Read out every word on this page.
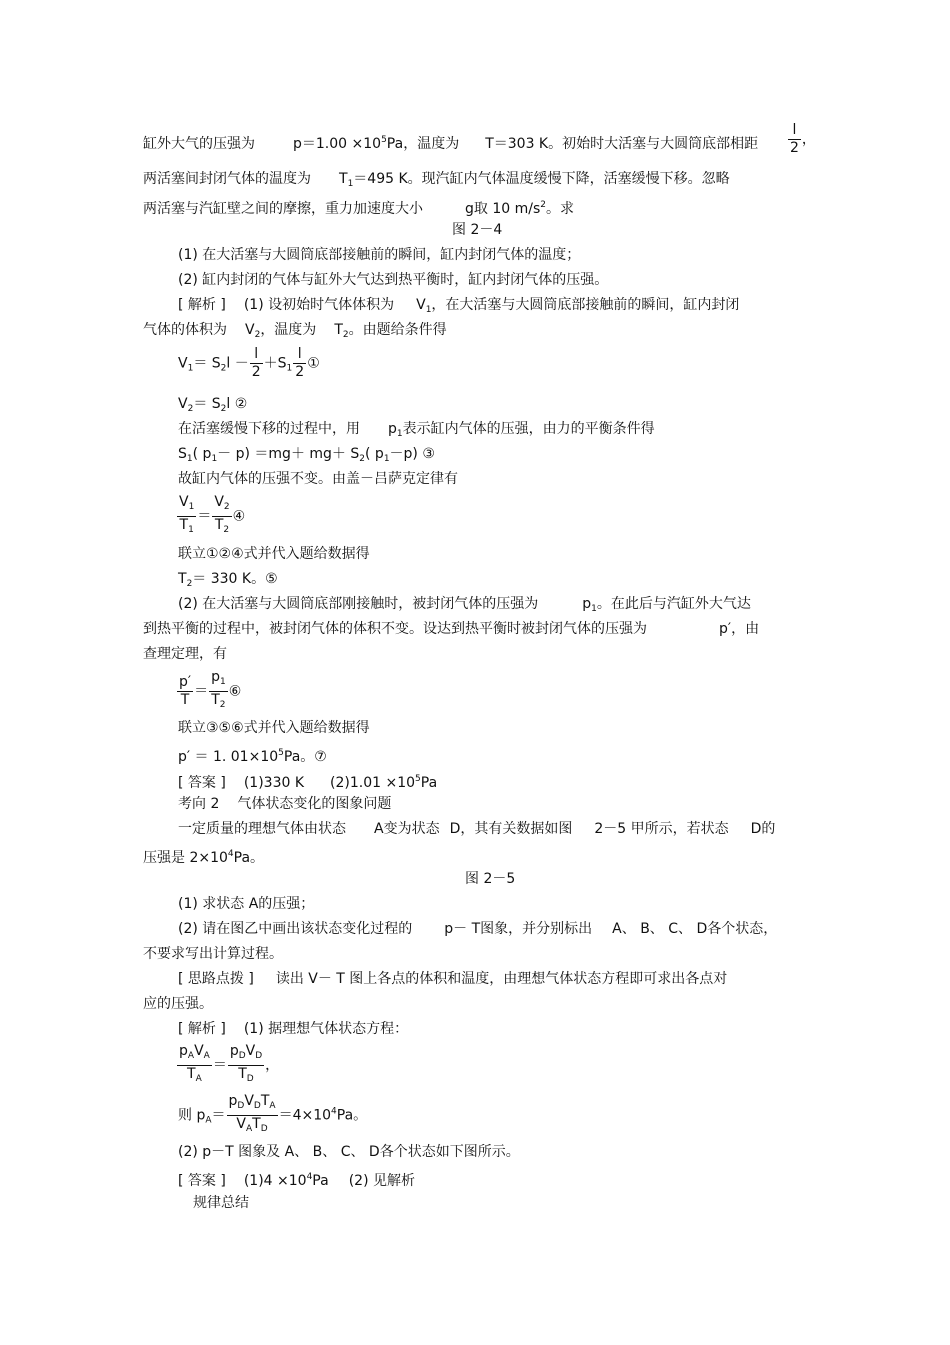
缸外大气的压强为	$p=1.00 \times 10^5Pa$，温度为 T＝303 K。初始时大活塞与大圆筒底部相距 $\frac{l}{2}$ ，
两活塞间封闭气体的温度为 $T_1=495$ K。现汽缸内气体温度缓慢下降，活塞缓慢下移。忽略
两活塞与汽缸壁之间的摩擦，重力加速度大小	g取 10 $m/s^2$。求
图 2－4
(1) 在大活塞与大圆筒底部接触前的瞬间，缸内封闭气体的温度；
(2) 缸内封闭的气体与缸外大气达到热平衡时，缸内封闭气体的压强。
[ 解析 ] (1) 设初始时气体体积为 $V_1$，在大活塞与大圆筒底部接触前的瞬间，缸内封闭
气体的体积为 $V_2$，温度为 $T_2$。由题给条件得
$V_1= S_2l - \frac{l}{2} +S_1 \frac{l}{2}$ ①
$V_2= S_2l$ ②
在活塞缓慢下移的过程中，用 $p_1$表示缸内气体的压强，由力的平衡条件得
$S_1$( $p_1- p) =mg+ mg+ S_2$( $p_1-p$) ③
故缸内气体的压强不变。由盖－吕萨克定律有
$\frac{V_1}{T_1} = \frac{V_2}{T_2}$ ④
联立①②④式并代入题给数据得
$T_2= 330$ K。⑤
(2) 在大活塞与大圆筒底部刚接触时，被封闭气体的压强为	$p_1$。在此后与汽缸外大气达
到热平衡的过程中，被封闭气体的体积不变。设达到热平衡时被封闭气体的压强为	p′，由
查理定理，有
$\frac{p'}{T} = \frac{p_1}{T_2}$ ⑥
联立③⑤⑥式并代入题给数据得
p′ ＝ 1. $01\times 10^5Pa$。⑦
[ 答案 ] (1)330 K $(2)1.01 \times 10^5Pa$
考向 2 气体状态变化的图象问题
一定质量的理想气体由状态 A变为状态 D，其有关数据如图 2－5 甲所示，若状态 D的
压强是 $2\times 10^4Pa$。
图 2－5
(1) 求状态 A的压强；
(2) 请在图乙中画出该状态变化过程的 p－ T图象，并分别标出 A、 B、 C、 D各个状态，
不要求写出计算过程。
[ 思路点拨 ] 读出 V－ T 图上各点的体积和温度，由理想气体状态方程即可求出各点对
应的压强。
[ 解析 ] (1) 据理想气体状态方程：
$\frac{p_AV_A}{T_A} = \frac{p_DV_D}{T_D}$ ，
则 $p_A= \frac{p_DV_DT_A}{V_AT_D} =4\times 10^4Pa$。
(2) p－T 图象及 A、 B、 C、 D各个状态如下图所示。
[ 答案 ] $(1)4 \times 10^4Pa$ (2) 见解析
规律总结
